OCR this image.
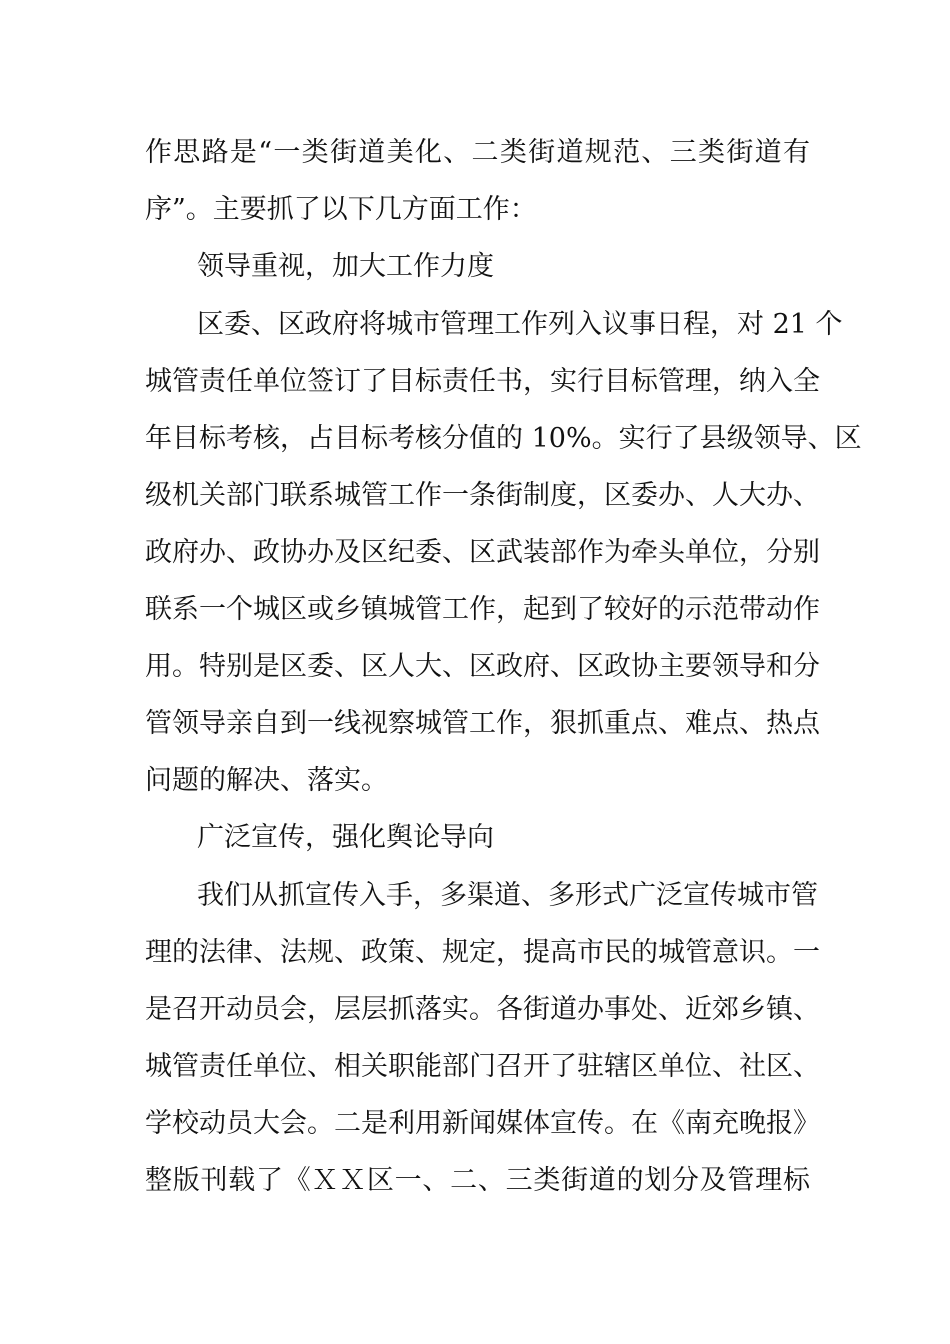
作思路是“一类街道美化、二类街道规范、三类街道有
序”。主要抓了以下几方面工作：
领导重视，加大工作力度
区委、区政府将城市管理工作列入议事日程，对 21 个
城管责任单位签订了目标责任书，实行目标管理，纳入全
年目标考核，占目标考核分值的 10%。实行了县级领导、区
级机关部门联系城管工作一条街制度，区委办、人大办、
政府办、政协办及区纪委、区武装部作为牵头单位，分别
联系一个城区或乡镇城管工作，起到了较好的示范带动作
用。特别是区委、区人大、区政府、区政协主要领导和分
管领导亲自到一线视察城管工作，狠抓重点、难点、热点
问题的解决、落实。
广泛宣传，强化舆论导向
我们从抓宣传入手，多渠道、多形式广泛宣传城市管
理的法律、法规、政策、规定，提高市民的城管意识。一
是召开动员会，层层抓落实。各街道办事处、近郊乡镇、
城管责任单位、相关职能部门召开了驻辖区单位、社区、
学校动员大会。二是利用新闻媒体宣传。在《南充晚报》
整版刊载了《ＸＸ区一、二、三类街道的划分及管理标
